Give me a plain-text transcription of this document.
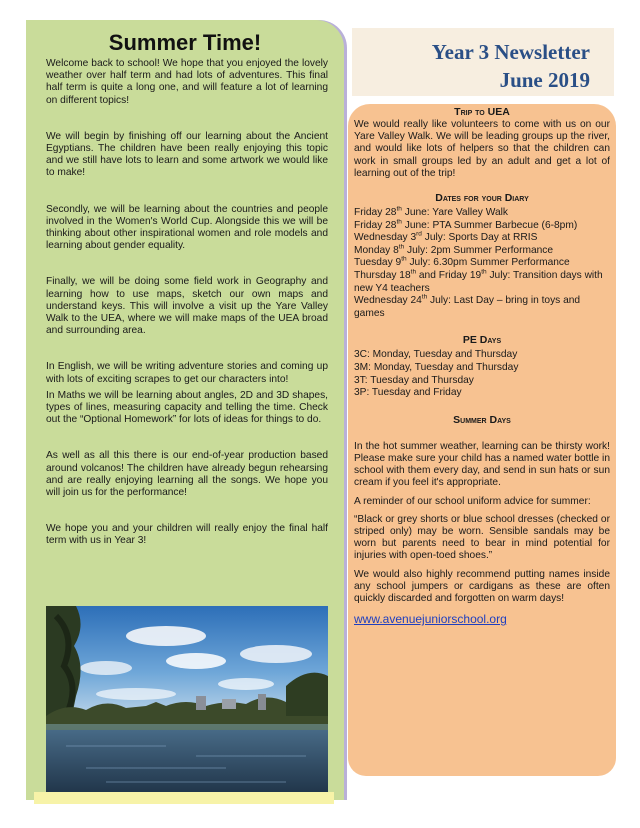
Summer Time!

Welcome back to school! We hope that you enjoyed the lovely weather over half term and had lots of adventures. This final half term is quite a long one, and will feature a lot of learning on different topics!

We will begin by finishing off our learning about the Ancient Egyptians. The children have been really enjoying this topic and we still have lots to learn and some artwork we would like to make!

Secondly, we will be learning about the countries and people involved in the Women's World Cup. Alongside this we will be thinking about other inspirational women and role models and learning about gender equality.

Finally, we will be doing some field work in Geography and learning how to use maps, sketch our own maps and understand keys. This will involve a visit up the Yare Valley Walk to the UEA, where we will make maps of the UEA broad and surrounding area.

In English, we will be writing adventure stories and coming up with lots of exciting scrapes to get our characters into!

In Maths we will be learning about angles, 2D and 3D shapes, types of lines, measuring capacity and telling the time. Check out the “Optional Homework” for lots of ideas for things to do.

As well as all this there is our end-of-year production based around volcanos! The children have already begun rehearsing and are really enjoying learning all the songs. We hope you will join us for the performance!

We hope you and your children will really enjoy the final half term with us in Year 3!

Year 3 Newsletter
June 2019

Trip to UEA

We would really like volunteers to come with us on our Yare Valley Walk. We will be leading groups up the river, and would like lots of helpers so that the children can work in small groups led by an adult and get a lot of learning out of the trip!

Dates for your Diary

Friday 28th June: Yare Valley Walk

Friday 28th June: PTA Summer Barbecue (6-8pm)

Wednesday 3rd July: Sports Day at RRIS

Monday 8th July: 2pm Summer Performance

Tuesday 9th July: 6.30pm Summer Performance

Thursday 18th and Friday 19th July: Transition days with new Y4 teachers

Wednesday 24th July: Last Day – bring in toys and games

PE Days

3C: Monday, Tuesday and Thursday

3M: Monday, Tuesday and Thursday

3T: Tuesday and Thursday

3P: Tuesday and Friday

Summer Days

In the hot summer weather, learning can be thirsty work! Please make sure your child has a named water bottle in school with them every day, and send in sun hats or sun cream if you feel it's appropriate.

A reminder of our school uniform advice for summer:

“Black or grey shorts or blue school dresses (checked or striped only) may be worn. Sensible sandals may be worn but parents need to bear in mind potential for injuries with open-toed shoes.”

We would also highly recommend putting names inside any school jumpers or cardigans as these are often quickly discarded and forgotten on warm days!

www.avenuejuniorschool.org
